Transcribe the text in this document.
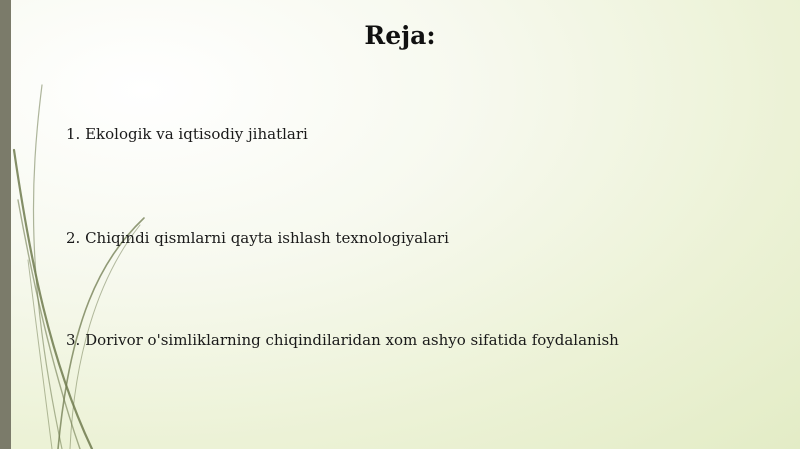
Reja:
1. Ekologik va iqtisodiy jihatlari
2. Chiqindi qismlarni qayta ishlash texnologiyalari
3. Dorivor o'simliklarning chiqindilaridan xom ashyo sifatida foydalanish
